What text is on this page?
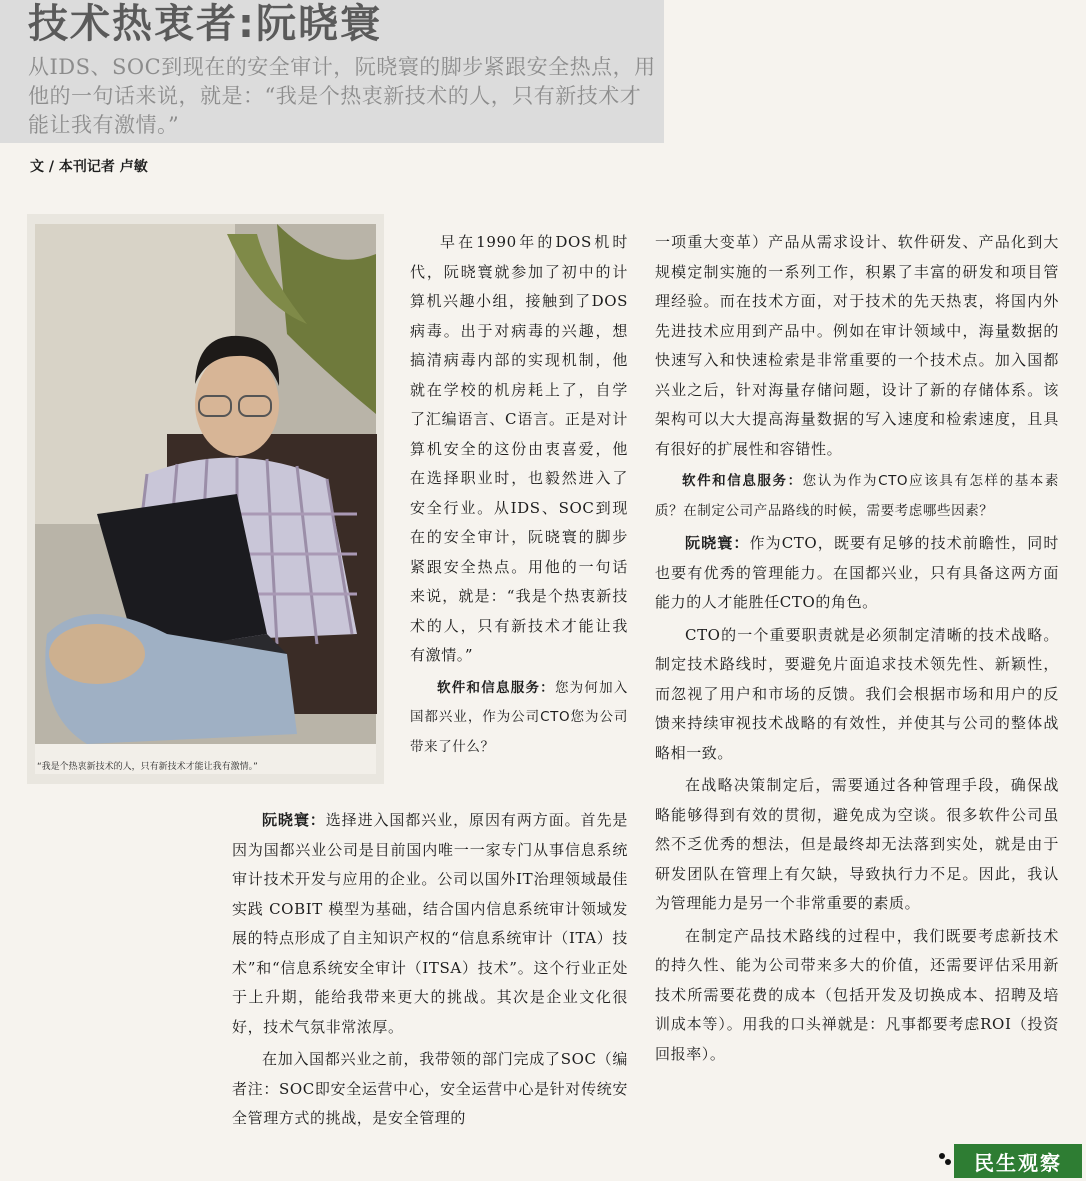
技术热衷者:阮晓寰

从IDS、SOC到现在的安全审计，阮晓寰的脚步紧跟安全热点，用他的一句话来说，就是：“我是个热衷新技术的人，只有新技术才能让我有激情。”

文 / 本刊记者 卢敏

“我是个热衷新技术的人，只有新技术才能让我有激情。”

早在1990年的DOS机时代，阮晓寰就参加了初中的计算机兴趣小组，接触到了DOS 病毒。出于对病毒的兴趣，想搞清病毒内部的实现机制，他就在学校的机房耗上了，自学了汇编语言、C语言。正是对计算机安全的这份由衷喜爱，他在选择职业时，也毅然进入了安全行业。从IDS、SOC到现在的安全审计，阮晓寰的脚步紧跟安全热点。用他的一句话来说，就是：“我是个热衷新技术的人，只有新技术才能让我有激情。”

软件和信息服务：您为何加入国都兴业，作为公司CTO您为公司带来了什么？

阮晓寰：选择进入国都兴业，原因有两方面。首先是因为国都兴业公司是目前国内唯一一家专门从事信息系统审计技术开发与应用的企业。公司以国外IT治理领域最佳实践 COBIT 模型为基础，结合国内信息系统审计领域发展的特点形成了自主知识产权的“信息系统审计（ITA）技术”和“信息系统安全审计（ITSA）技术”。这个行业正处于上升期，能给我带来更大的挑战。其次是企业文化很好，技术气氛非常浓厚。

在加入国都兴业之前，我带领的部门完成了SOC（编者注：SOC即安全运营中心，安全运营中心是针对传统安全管理方式的挑战，是安全管理的

一项重大变革）产品从需求设计、软件研发、产品化到大规模定制实施的一系列工作，积累了丰富的研发和项目管理经验。而在技术方面，对于技术的先天热衷，将国内外先进技术应用到产品中。例如在审计领域中，海量数据的快速写入和快速检索是非常重要的一个技术点。加入国都兴业之后，针对海量存储问题，设计了新的存储体系。该架构可以大大提高海量数据的写入速度和检索速度，且具有很好的扩展性和容错性。

软件和信息服务：您认为作为CTO应该具有怎样的基本素质？在制定公司产品路线的时候，需要考虑哪些因素？

阮晓寰：作为CTO，既要有足够的技术前瞻性，同时也要有优秀的管理能力。在国都兴业，只有具备这两方面能力的人才能胜任CTO的角色。

CTO的一个重要职责就是必须制定清晰的技术战略。制定技术路线时，要避免片面追求技术领先性、新颖性，而忽视了用户和市场的反馈。我们会根据市场和用户的反馈来持续审视技术战略的有效性，并使其与公司的整体战略相一致。

在战略决策制定后，需要通过各种管理手段，确保战略能够得到有效的贯彻，避免成为空谈。很多软件公司虽然不乏优秀的想法，但是最终却无法落到实处，就是由于研发团队在管理上有欠缺，导致执行力不足。因此，我认为管理能力是另一个非常重要的素质。

在制定产品技术路线的过程中，我们既要考虑新技术的持久性、能为公司带来多大的价值，还需要评估采用新技术所需要花费的成本（包括开发及切换成本、招聘及培训成本等）。用我的口头禅就是：凡事都要考虑ROI（投资回报率）。

民生观察
